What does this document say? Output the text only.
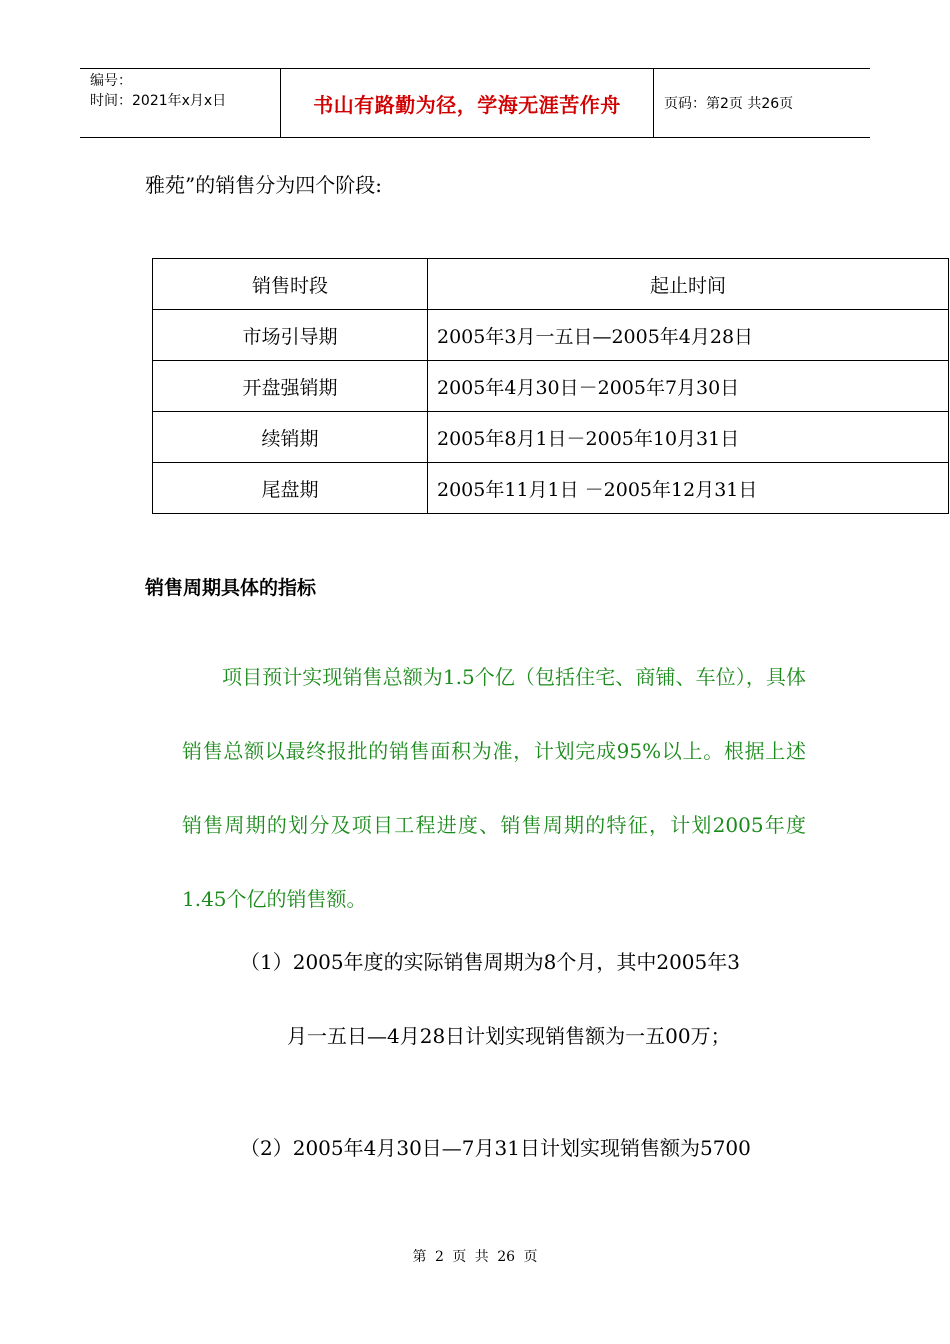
编号：
时间：2021年x月x日	书山有路勤为径，学海无涯苦作舟	页码：第2页 共26页
雅苑”的销售分为四个阶段:
销售时段	起止时间
市场引导期	2005年3月一五日—2005年4月28日
开盘强销期	2005年4月30日－2005年7月30日
续销期	2005年8月1日－2005年10月31日
尾盘期	2005年11月1日 －2005年12月31日
销售周期具体的指标
项目预计实现销售总额为1.5个亿（包括住宅、商铺、车位），具体销售总额以最终报批的销售面积为准，计划完成95%以上。根据上述销售周期的划分及项目工程进度、销售周期的特征，计划2005年度1.45个亿的销售额。
（1）2005年度的实际销售周期为8个月，其中2005年3
月一五日—4月28日计划实现销售额为一五00万；
（2）2005年4月30日—7月31日计划实现销售额为5700
第 2 页 共 26 页
